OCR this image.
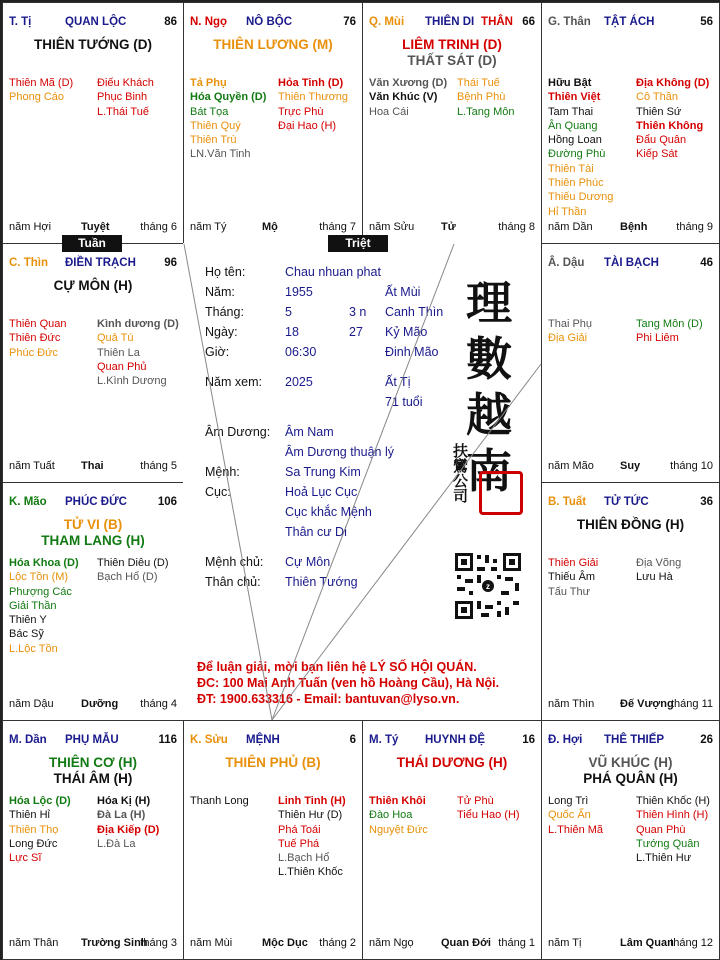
T. Tị	QUAN LỘC	86
THIÊN TƯỚNG (D)
Thiên Mã (D)
Phong Cáo
Điếu Khách
Phục Binh
L.Thái Tuế
năm Hợi	Tuyệt	tháng 6
N. Ngọ NÔ BỘC	76
THIÊN LƯƠNG (M)
Tả Phụ
Hóa Quyền (D)
Bát Tọa
Thiên Quý
Thiên Trù
LN.Văn Tinh
Hỏa Tinh (D)
Thiên Thương
Trực Phù
Đại Hao (H)
năm Tý	Mộ	tháng 7
Q. Mùi THIÊN DI THÂN 66
LIÊM TRINH (D)
THẤT SÁT (D)
Văn Xương (D)
Văn Khúc (V)
Hoa Cái
Thái Tuế
Bệnh Phù
L.Tang Môn
năm Sửu Tử	tháng 8
G. Thân TẬT ÁCH	56
Hữu Bật
Thiên Việt
Tam Thai
Ân Quang
Hồng Loan
Đường Phù
Thiên Tài
Thiên Phúc
Thiếu Dương
Hỉ Thần
Địa Không (D)
Cô Thần
Thiên Sứ
Thiên Không
Đẩu Quân
Kiếp Sát
năm Dần Bệnh	tháng 9
C. Thìn ĐIỀN TRẠCH 96
CỰ MÔN (H)
Thiên Quan
Thiên Đức
Phúc Đức
Kình dương (D)
Quả Tú
Thiên La
Quan Phủ
L.Kình Dương
năm Tuất Thai	tháng 5
Â. Dậu TÀI BẠCH	46
Thai Phụ
Địa Giải
Tang Môn (D)
Phi Liêm
năm Mão Suy	tháng 10
K. Mão PHÚC ĐỨC	106
TỬ VI (B)
THAM LANG (H)
Hóa Khoa (D)
Lộc Tồn (M)
Phượng Các
Giải Thần
Thiên Y
Bác Sỹ
L.Lộc Tồn
Thiên Diêu (D)
Bạch Hổ (D)
năm Dậu Dưỡng tháng 4
B. Tuất TỬ TỨC	36
THIÊN ĐỒNG (H)
Thiên Giải
Thiếu Âm
Tấu Thư
Địa Võng
Lưu Hà
năm Thìn Đế Vượng
tháng 11
M. Dần PHỤ MẪU	116
THIÊN CƠ (H)
THÁI ÂM (H)
Hóa Lộc (D)
Thiên Hỉ
Thiên Thọ
Long Đức
Lực Sĩ
Hóa Kị (H)
Đà La (H)
Địa Kiếp (D)
L.Đà La
năm Thân Trường Sinh
tháng 3
K. Sửu MỆNH	6
THIÊN PHỦ (B)
Thanh Long	Linh Tinh (H)
Thiên Hư (D)
Phá Toái
Tuế Phá
L.Bạch Hổ
L.Thiên Khốc
năm Mùi	Mộc Dục tháng 2
M. Tý HUYNH ĐỆ	16
THÁI DƯƠNG (H)
Thiên Khôi
Đào Hoa
Nguyệt Đức
Tử Phù
Tiểu Hao (H)
năm Ngọ Quan Đới tháng 1
Đ. Hợi THÊ THIẾP	26
VŨ KHÚC (H)
PHÁ QUÂN (H)
Long Trì
Quốc Ấn
L.Thiên Mã
Thiên Khốc (H)
Thiên Hình (H)
Quan Phù
Tướng Quân
L.Thiên Hư
năm Tị	Lâm Quan
tháng 12
Họ tên:	Chau nhuan phat
Năm:	1955	Ất Mùi
Tháng:	5	3 n Canh Thìn
Ngày:	18	27 Kỷ Mão
Giờ:	06:30	Đinh Mão
Năm xem: 2025	Ất Tị
71 tuổi
Âm Dương: Âm Nam
Âm Dương thuận lý
Mệnh:	Sa Trung Kim
Cục:	Hoả Lục Cục
Cục khắc Mệnh
Thân cư Di
Mệnh chủ: Cự Môn
Thân chủ: Thiên Tướng
理
數
越
南
扶鸞公司
z
Để luận giải, mời bạn liên hệ LÝ SỐ HỘI QUÁN.
ĐC: 100 Mai Anh Tuấn (ven hồ Hoàng Cầu), Hà Nội.
ĐT: 1900.633316 - Email: bantuvan@lyso.vn.
Tuần	Triệt
